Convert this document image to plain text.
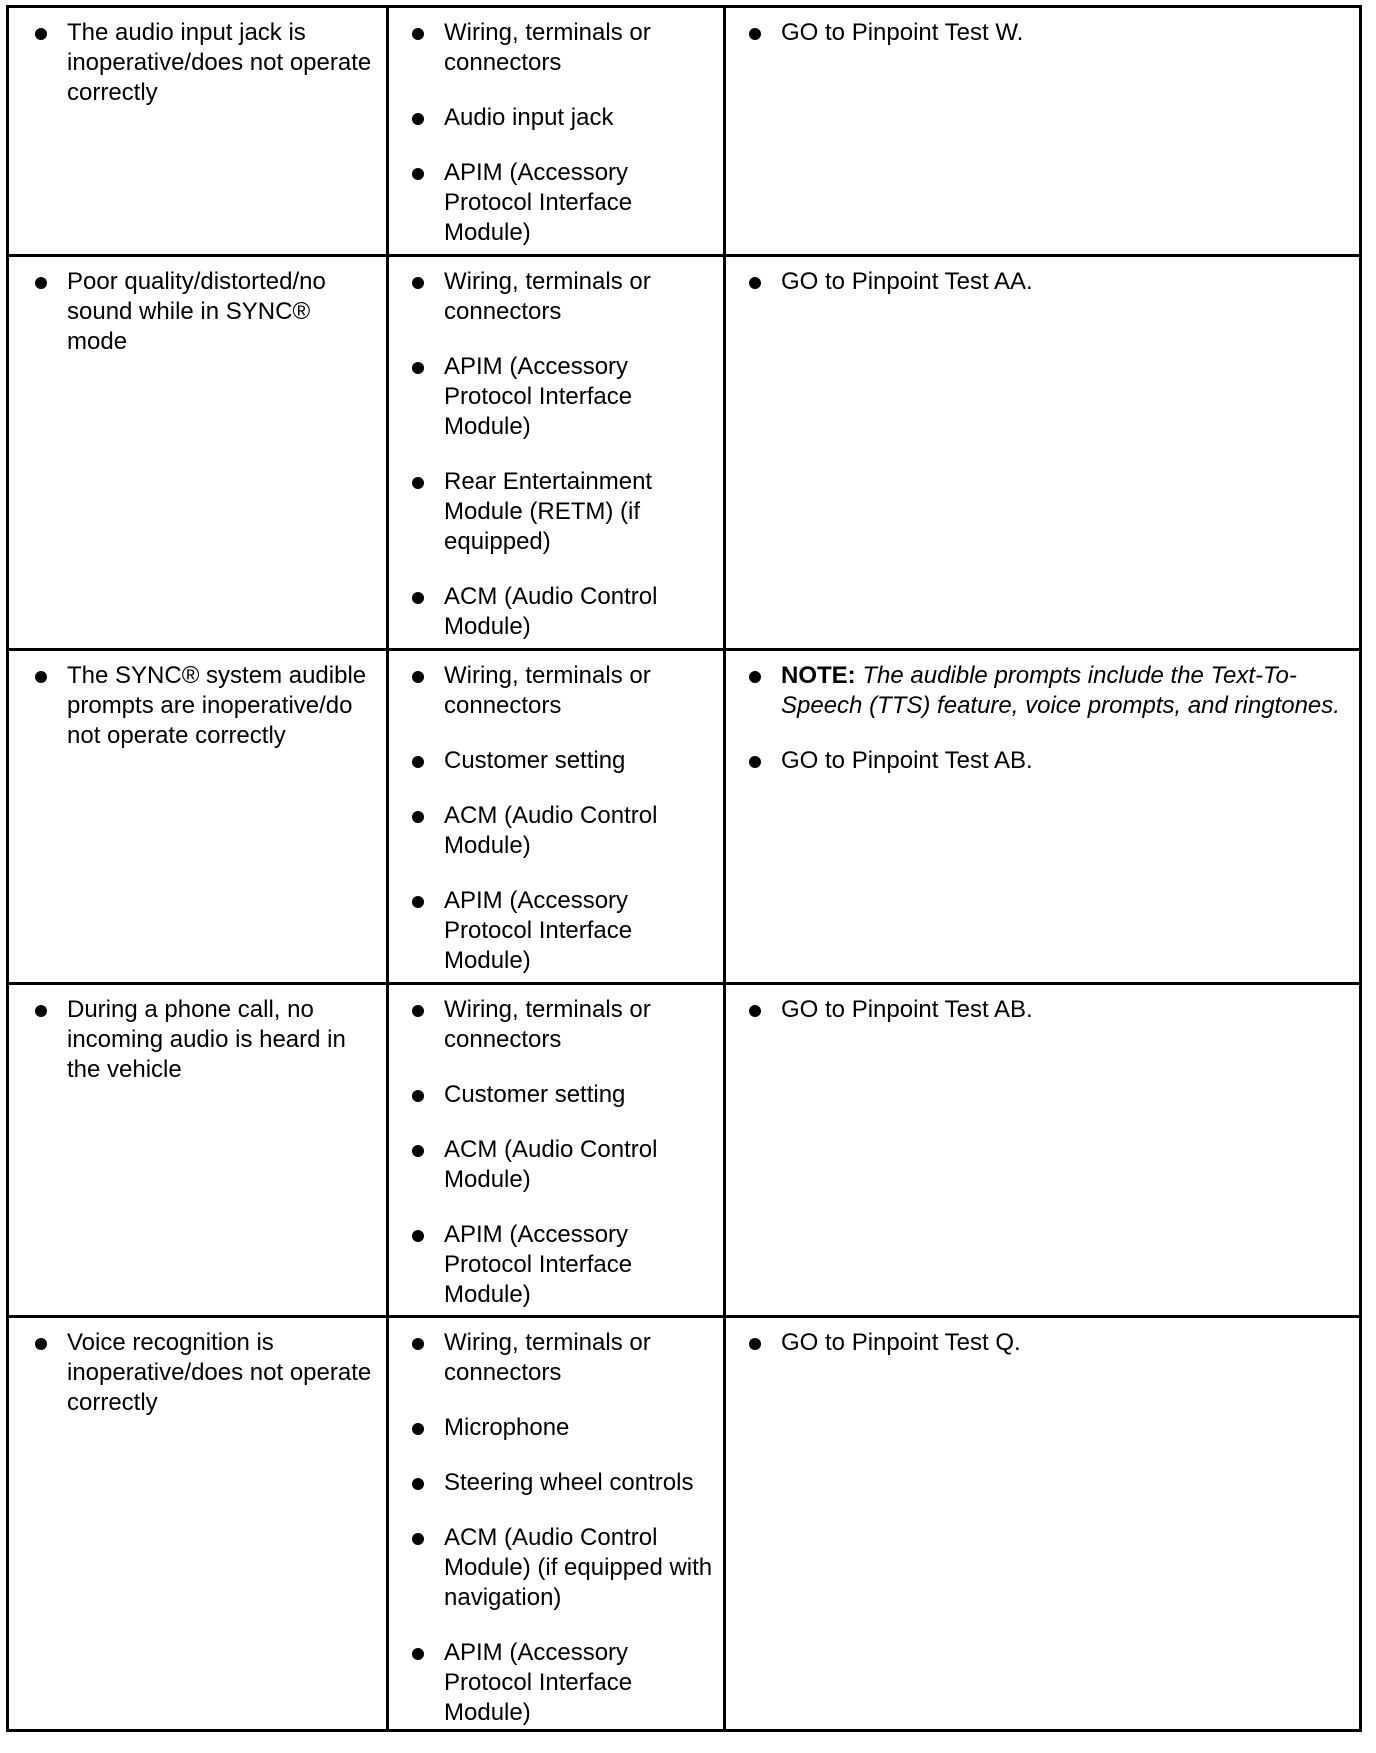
The audio input jack is inoperative/does not operate correctly
Wiring, terminals or connectors
Audio input jack
APIM (Accessory Protocol Interface Module)
GO to Pinpoint Test W.
Poor quality/distorted/no sound while in SYNC® mode
Wiring, terminals or connectors
APIM (Accessory Protocol Interface Module)
Rear Entertainment Module (RETM) (if equipped)
ACM (Audio Control Module)
GO to Pinpoint Test AA.
The SYNC® system audible prompts are inoperative/do not operate correctly
Wiring, terminals or connectors
Customer setting
ACM (Audio Control Module)
APIM (Accessory Protocol Interface Module)
NOTE: The audible prompts include the Text-To-Speech (TTS) feature, voice prompts, and ringtones.
GO to Pinpoint Test AB.
During a phone call, no incoming audio is heard in the vehicle
Wiring, terminals or connectors
Customer setting
ACM (Audio Control Module)
APIM (Accessory Protocol Interface Module)
GO to Pinpoint Test AB.
Voice recognition is inoperative/does not operate correctly
Wiring, terminals or connectors
Microphone
Steering wheel controls
ACM (Audio Control Module) (if equipped with navigation)
APIM (Accessory Protocol Interface Module)
GO to Pinpoint Test Q.
